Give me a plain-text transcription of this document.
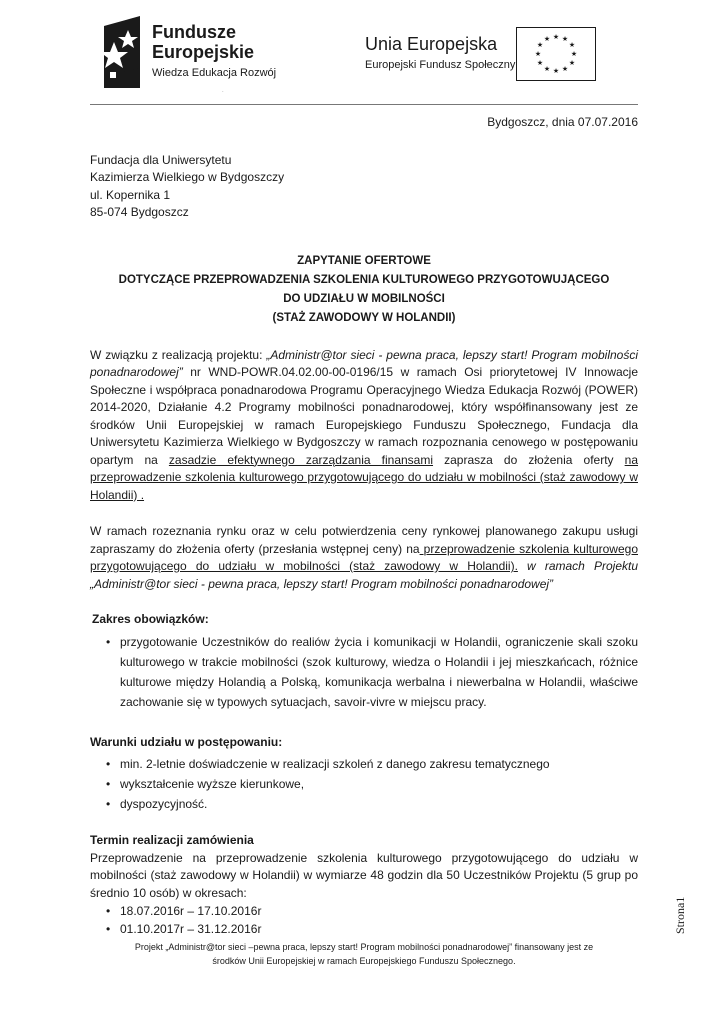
Fundusze
Europejskie
Wiedza Edukacja Rozwój
.
Unia Europejska
Europejski Fundusz Społeczny
★ ★
★
★
★
★
★
★
★
★
★
★
Bydgoszcz, dnia 07.07.2016
Fundacja dla Uniwersytetu
Kazimierza Wielkiego w Bydgoszczy
ul. Kopernika 1
85-074 Bydgoszcz
ZAPYTANIE OFERTOWE
DOTYCZĄCE PRZEPROWADZENIA SZKOLENIA KULTUROWEGO PRZYGOTOWUJĄCEGO
DO UDZIAŁU W MOBILNOŚCI
(STAŻ ZAWODOWY W HOLANDII)
W związku z realizacją projektu: „Administr@tor sieci - pewna praca, lepszy start! Program mobilności ponadnarodowej” nr WND-POWR.04.02.00-00-0196/15 w ramach Osi priorytetowej IV Innowacje Społeczne i współpraca ponadnarodowa Programu Operacyjnego Wiedza Edukacja Rozwój (POWER) 2014-2020, Działanie 4.2 Programy mobilności ponadnarodowej, który współfinansowany jest ze środków Unii Europejskiej w ramach Europejskiego Funduszu Społecznego, Fundacja dla Uniwersytetu Kazimierza Wielkiego w Bydgoszczy w ramach rozpoznania cenowego w postępowaniu opartym na zasadzie efektywnego zarządzania finansami zaprasza do złożenia oferty na przeprowadzenie szkolenia kulturowego przygotowującego do udziału w mobilności (staż zawodowy w Holandii) .
W ramach rozeznania rynku oraz w celu potwierdzenia ceny rynkowej planowanego zakupu usługi zapraszamy do złożenia oferty (przesłania wstępnej ceny) na przeprowadzenie szkolenia kulturowego przygotowującego do udziału w mobilności (staż zawodowy w Holandii). w ramach Projektu „Administr@tor sieci - pewna praca, lepszy start! Program mobilności ponadnarodowej”
Zakres obowiązków:
• przygotowanie Uczestników do realiów życia i komunikacji w Holandii, ograniczenie skali szoku kulturowego w trakcie mobilności (szok kulturowy, wiedza o Holandii i jej mieszkańcach, różnice kulturowe między Holandią a Polską, komunikacja werbalna i niewerbalna w Holandii, właściwe zachowanie się w typowych sytuacjach, savoir-vivre w miejscu pracy.
Warunki udziału w postępowaniu:
• min. 2-letnie doświadczenie w realizacji szkoleń z danego zakresu tematycznego
• wykształcenie wyższe kierunkowe,
• dyspozycyjność.
Termin realizacji zamówienia
Przeprowadzenie na przeprowadzenie szkolenia kulturowego przygotowującego do udziału w mobilności (staż zawodowy w Holandii) w wymiarze 48 godzin dla 50 Uczestników Projektu (5 grup po średnio 10 osób) w okresach:
• 18.07.2016r – 17.10.2016r
• 01.10.2017r – 31.12.2016r	Strona1
Projekt „Administr@tor sieci –pewna praca, lepszy start! Program mobilności ponadnarodowej” finansowany jest ze
środków Unii Europejskiej w ramach Europejskiego Funduszu Społecznego.
